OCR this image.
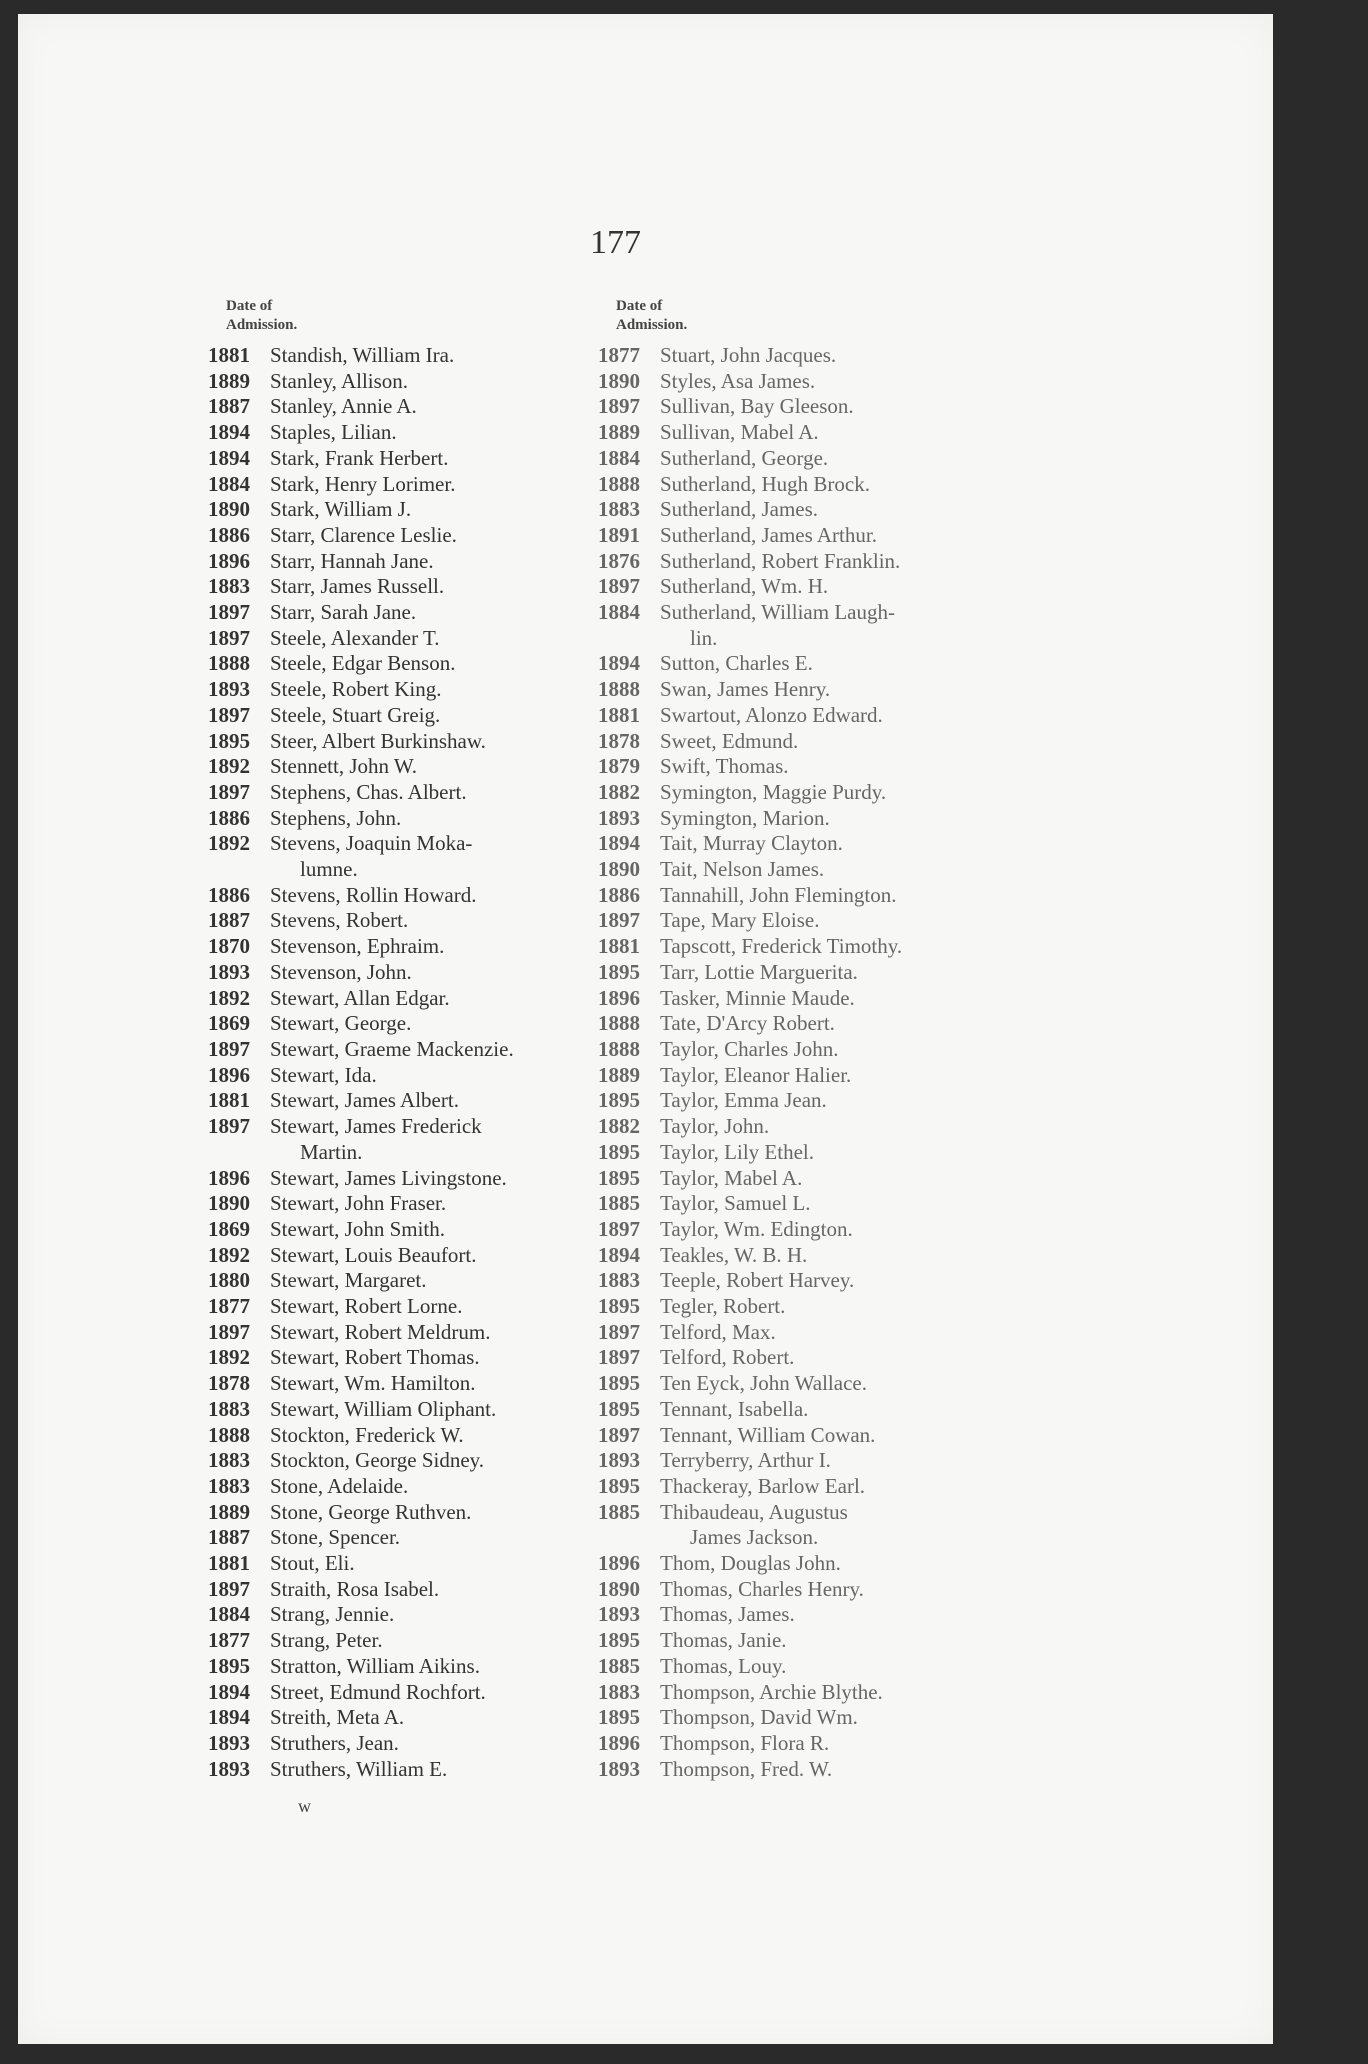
177
Date of
Admission.
1881 Standish, William Ira.
1889 Stanley, Allison.
1887 Stanley, Annie A.
1894 Staples, Lilian.
1894 Stark, Frank Herbert.
1884 Stark, Henry Lorimer.
1890 Stark, William J.
1886 Starr, Clarence Leslie.
1896 Starr, Hannah Jane.
1883 Starr, James Russell.
1897 Starr, Sarah Jane.
1897 Steele, Alexander T.
1888 Steele, Edgar Benson.
1893 Steele, Robert King.
1897 Steele, Stuart Greig.
1895 Steer, Albert Burkinshaw.
1892 Stennett, John W.
1897 Stephens, Chas. Albert.
1886 Stephens, John.
1892 Stevens, Joaquin Moka-
lumne.
1886 Stevens, Rollin Howard.
1887 Stevens, Robert.
1870 Stevenson, Ephraim.
1893 Stevenson, John.
1892 Stewart, Allan Edgar.
1869 Stewart, George.
1897 Stewart, Graeme Mackenzie.
1896 Stewart, Ida.
1881 Stewart, James Albert.
1897 Stewart, James Frederick
Martin.
1896 Stewart, James Livingstone.
1890 Stewart, John Fraser.
1869 Stewart, John Smith.
1892 Stewart, Louis Beaufort.
1880 Stewart, Margaret.
1877 Stewart, Robert Lorne.
1897 Stewart, Robert Meldrum.
1892 Stewart, Robert Thomas.
1878 Stewart, Wm. Hamilton.
1883 Stewart, William Oliphant.
1888 Stockton, Frederick W.
1883 Stockton, George Sidney.
1883 Stone, Adelaide.
1889 Stone, George Ruthven.
1887 Stone, Spencer.
1881 Stout, Eli.
1897 Straith, Rosa Isabel.
1884 Strang, Jennie.
1877 Strang, Peter.
1895 Stratton, William Aikins.
1894 Street, Edmund Rochfort.
1894 Streith, Meta A.
1893 Struthers, Jean.
1893 Struthers, William E.
Date of
Admission.
1877 Stuart, John Jacques.
1890 Styles, Asa James.
1897 Sullivan, Bay Gleeson.
1889 Sullivan, Mabel A.
1884 Sutherland, George.
1888 Sutherland, Hugh Brock.
1883 Sutherland, James.
1891 Sutherland, James Arthur.
1876 Sutherland, Robert Franklin.
1897 Sutherland, Wm. H.
1884 Sutherland, William Laugh-
lin.
1894 Sutton, Charles E.
1888 Swan, James Henry.
1881 Swartout, Alonzo Edward.
1878 Sweet, Edmund.
1879 Swift, Thomas.
1882 Symington, Maggie Purdy.
1893 Symington, Marion.
1894 Tait, Murray Clayton.
1890 Tait, Nelson James.
1886 Tannahill, John Flemington.
1897 Tape, Mary Eloise.
1881 Tapscott, Frederick Timothy.
1895 Tarr, Lottie Marguerita.
1896 Tasker, Minnie Maude.
1888 Tate, D'Arcy Robert.
1888 Taylor, Charles John.
1889 Taylor, Eleanor Halier.
1895 Taylor, Emma Jean.
1882 Taylor, John.
1895 Taylor, Lily Ethel.
1895 Taylor, Mabel A.
1885 Taylor, Samuel L.
1897 Taylor, Wm. Edington.
1894 Teakles, W. B. H.
1883 Teeple, Robert Harvey.
1895 Tegler, Robert.
1897 Telford, Max.
1897 Telford, Robert.
1895 Ten Eyck, John Wallace.
1895 Tennant, Isabella.
1897 Tennant, William Cowan.
1893 Terryberry, Arthur I.
1895 Thackeray, Barlow Earl.
1885 Thibaudeau, Augustus
James Jackson.
1896 Thom, Douglas John.
1890 Thomas, Charles Henry.
1893 Thomas, James.
1895 Thomas, Janie.
1885 Thomas, Louy.
1883 Thompson, Archie Blythe.
1895 Thompson, David Wm.
1896 Thompson, Flora R.
1893 Thompson, Fred. W.
w
